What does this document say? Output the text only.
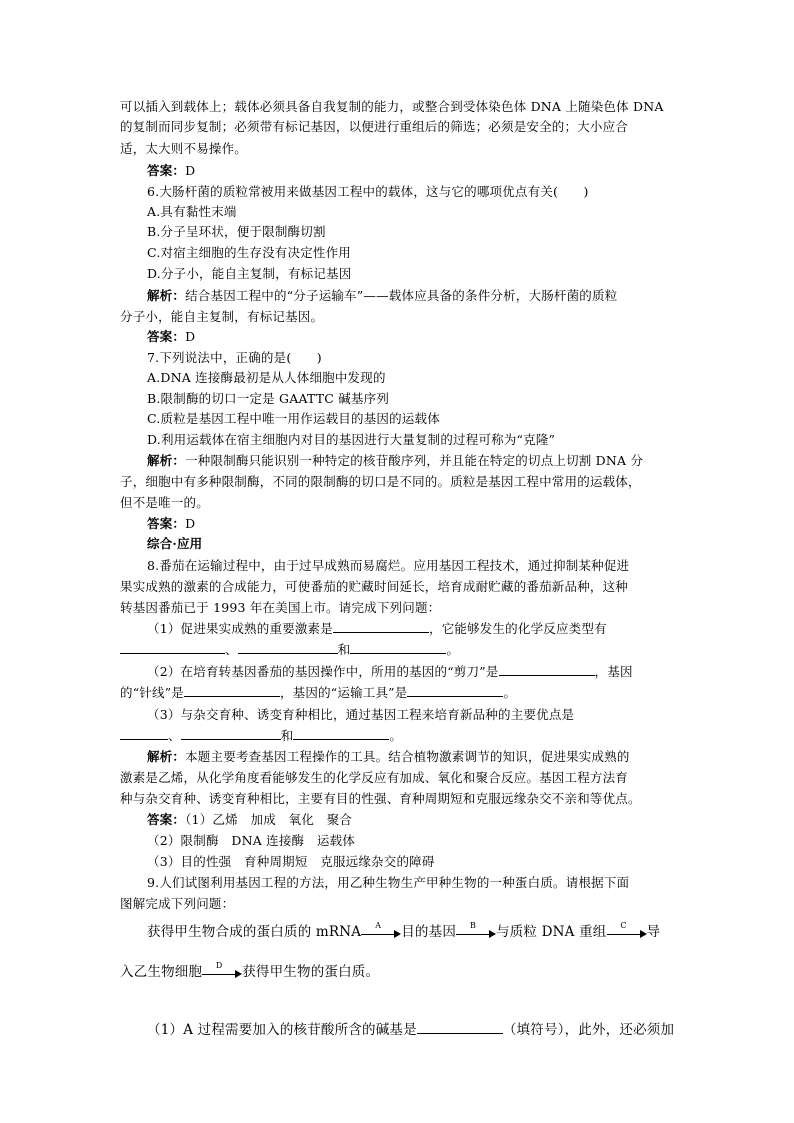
可以插入到载体上；载体必须具备自我复制的能力，或整合到受体染色体 DNA 上随染色体 DNA
的复制而同步复制；必须带有标记基因，以便进行重组后的筛选；必须是安全的；大小应合
适，太大则不易操作。
答案：D
6.大肠杆菌的质粒常被用来做基因工程中的载体，这与它的哪项优点有关(　　)
A.具有黏性末端
B.分子呈环状，便于限制酶切割
C.对宿主细胞的生存没有决定性作用
D.分子小，能自主复制，有标记基因
解析：结合基因工程中的“分子运输车”——载体应具备的条件分析，大肠杆菌的质粒
分子小，能自主复制，有标记基因。
答案：D
7.下列说法中，正确的是(　　)
A.DNA 连接酶最初是从人体细胞中发现的
B.限制酶的切口一定是 GAATTC 碱基序列
C.质粒是基因工程中唯一用作运载目的基因的运载体
D.利用运载体在宿主细胞内对目的基因进行大量复制的过程可称为“克隆”
解析：一种限制酶只能识别一种特定的核苷酸序列，并且能在特定的切点上切割 DNA 分
子，细胞中有多种限制酶，不同的限制酶的切口是不同的。质粒是基因工程中常用的运载体，
但不是唯一的。
答案：D
综合·应用
8.番茄在运输过程中，由于过早成熟而易腐烂。应用基因工程技术，通过抑制某种促进
果实成熟的激素的合成能力，可使番茄的贮藏时间延长，培育成耐贮藏的番茄新品种，这种
转基因番茄已于 1993 年在美国上市。请完成下列问题：
（1）促进果实成熟的重要激素是	，它能够发生的化学反应类型有
、	和	。
（2）在培育转基因番茄的基因操作中，所用的基因的“剪刀”是	，基因
的“针线”是	，基因的“运输工具”是	。
（3）与杂交育种、诱变育种相比，通过基因工程来培育新品种的主要优点是
、	和	。
解析：本题主要考查基因工程操作的工具。结合植物激素调节的知识，促进果实成熟的
激素是乙烯，从化学角度看能够发生的化学反应有加成、氧化和聚合反应。基因工程方法育
种与杂交育种、诱变育种相比，主要有目的性强、育种周期短和克服远缘杂交不亲和等优点。
答案：（1）乙烯　加成　氧化　聚合
（2）限制酶　DNA 连接酶　运载体
（3）目的性强　育种周期短　克服远缘杂交的障碍
9.人们试图利用基因工程的方法，用乙种生物生产甲种生物的一种蛋白质。请根据下面
图解完成下列问题：
获得甲生物合成的蛋白质的 mRNA	A	目的基因	B	与质粒 DNA 重组	C	导
入乙生物细胞	D	获得甲生物的蛋白质。
（1）A 过程需要加入的核苷酸所含的碱基是	（填符号），此外，还必须加
